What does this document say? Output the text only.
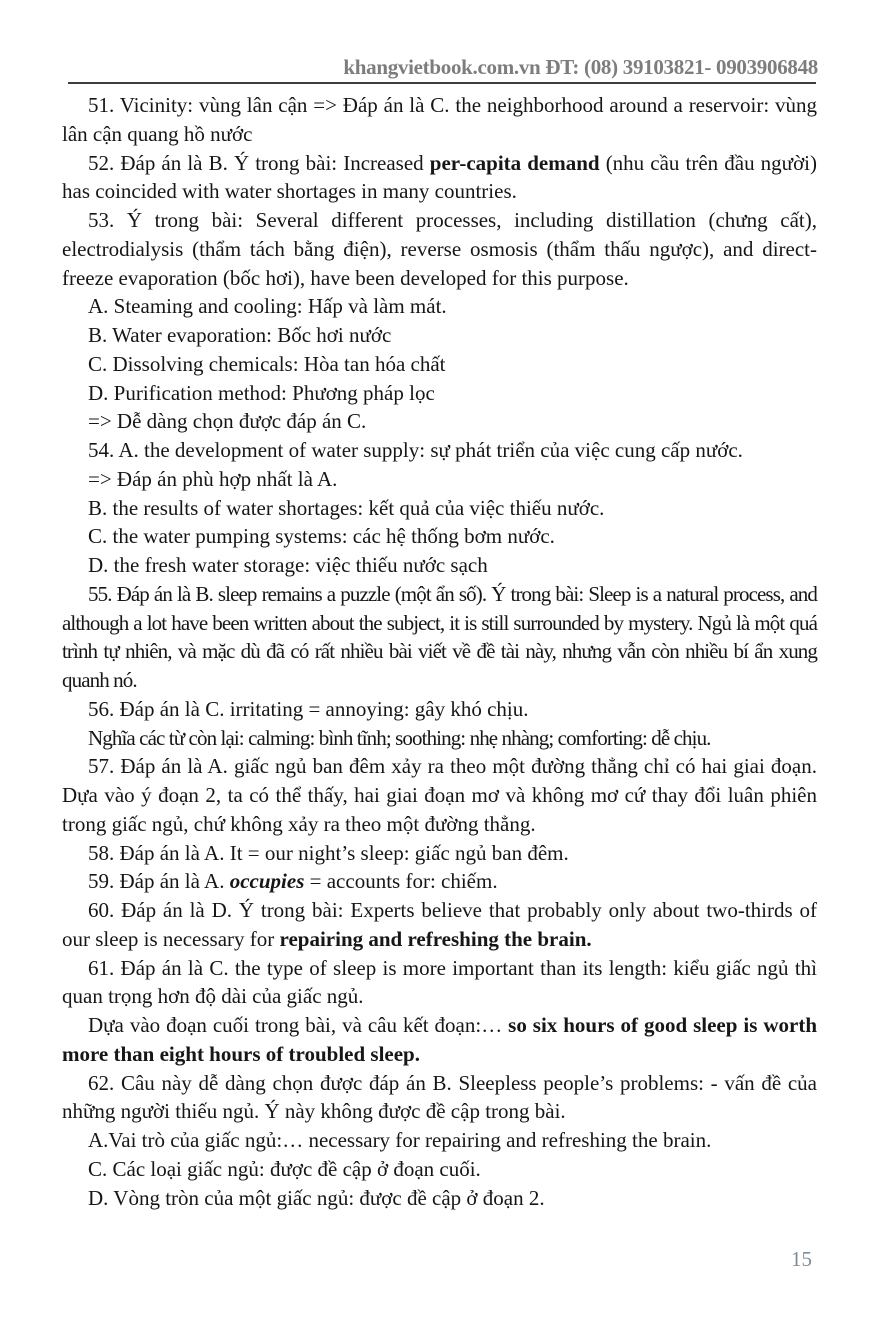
khangvietbook.com.vn ĐT: (08) 39103821- 0903906848

51. Vicinity: vùng lân cận => Đáp án là C. the neighborhood around a reservoir: vùng lân cận quang hồ nước

52. Đáp án là B. Ý trong bài: Increased per-capita demand (nhu cầu trên đầu người) has coincided with water shortages in many countries.

53. Ý trong bài: Several different processes, including distillation (chưng cất), electrodialysis (thẩm tách bằng điện), reverse osmosis (thẩm thấu ngược), and direct-freeze evaporation (bốc hơi), have been developed for this purpose.

A. Steaming and cooling: Hấp và làm mát.

B. Water evaporation: Bốc hơi nước

C. Dissolving chemicals: Hòa tan hóa chất

D. Purification method: Phương pháp lọc

=> Dễ dàng chọn được đáp án C.

54. A. the development of water supply: sự phát triển của việc cung cấp nước.

=> Đáp án phù hợp nhất là A.

B. the results of water shortages: kết quả của việc thiếu nước.

C. the water pumping systems: các hệ thống bơm nước.

D. the fresh water storage: việc thiếu nước sạch

55. Đáp án là B. sleep remains a puzzle (một ẩn số). Ý trong bài: Sleep is a natural process, and although a lot have been written about the subject, it is still surrounded by mystery. Ngủ là một quá trình tự nhiên, và mặc dù đã có rất nhiều bài viết về đề tài này, nhưng vẫn còn nhiều bí ẩn xung quanh nó.

56. Đáp án là C. irritating = annoying: gây khó chịu.

Nghĩa các từ còn lại: calming: bình tĩnh; soothing: nhẹ nhàng; comforting: dễ chịu.

57. Đáp án là A. giấc ngủ ban đêm xảy ra theo một đường thẳng chỉ có hai giai đoạn. Dựa vào ý đoạn 2, ta có thể thấy, hai giai đoạn mơ và không mơ cứ thay đổi luân phiên trong giấc ngủ, chứ không xảy ra theo một đường thẳng.

58. Đáp án là A. It = our night’s sleep: giấc ngủ ban đêm.

59. Đáp án là A. occupies = accounts for: chiếm.

60. Đáp án là D. Ý trong bài: Experts believe that probably only about two-thirds of our sleep is necessary for repairing and refreshing the brain.

61. Đáp án là C. the type of sleep is more important than its length: kiểu giấc ngủ thì quan trọng hơn độ dài của giấc ngủ.

Dựa vào đoạn cuối trong bài, và câu kết đoạn:… so six hours of good sleep is worth more than eight hours of troubled sleep.

62. Câu này dễ dàng chọn được đáp án B. Sleepless people’s problems: - vấn đề của những người thiếu ngủ. Ý này không được đề cập trong bài.

A.Vai trò của giấc ngủ:… necessary for repairing and refreshing the brain.

C. Các loại giấc ngủ: được đề cập ở đoạn cuối.

D. Vòng tròn của một giấc ngủ: được đề cập ở đoạn 2.

15
